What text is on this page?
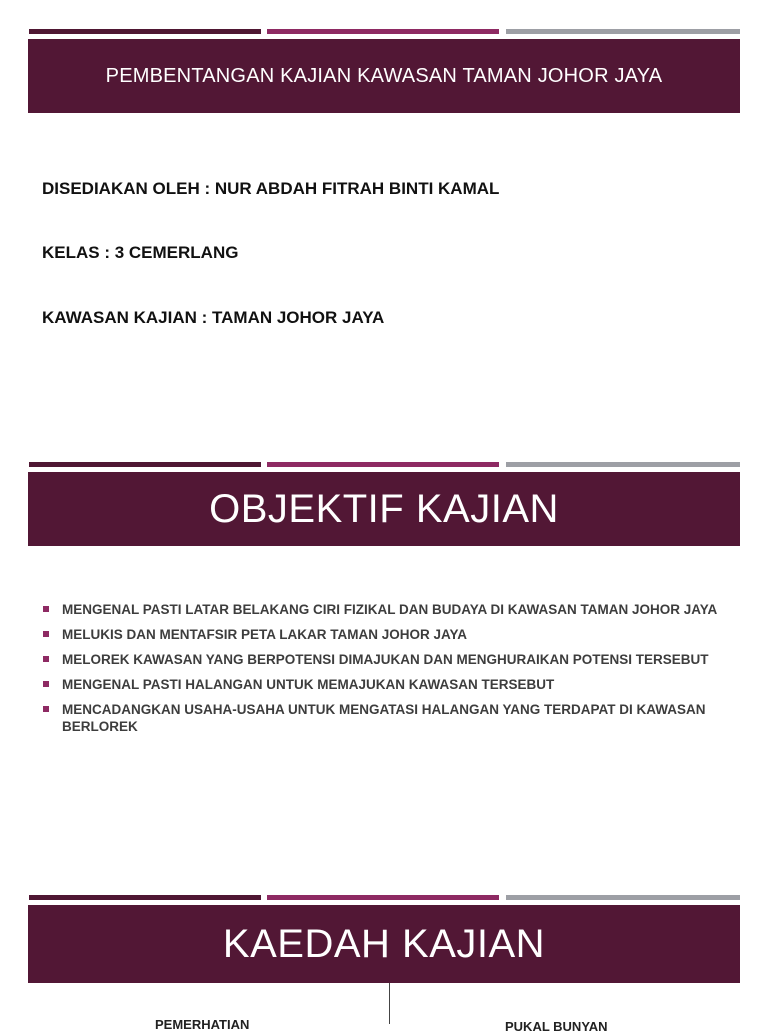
PEMBENTANGAN KAJIAN KAWASAN TAMAN JOHOR JAYA
DISEDIAKAN OLEH : NUR ABDAH FITRAH BINTI KAMAL
KELAS : 3 CEMERLANG
KAWASAN KAJIAN : TAMAN JOHOR JAYA
OBJEKTIF KAJIAN
MENGENAL PASTI LATAR BELAKANG CIRI FIZIKAL DAN BUDAYA DI KAWASAN TAMAN JOHOR JAYA
MELUKIS DAN MENTAFSIR PETA LAKAR TAMAN JOHOR JAYA
MELOREK KAWASAN YANG BERPOTENSI DIMAJUKAN DAN MENGHURAIKAN POTENSI TERSEBUT
MENGENAL PASTI HALANGAN UNTUK MEMAJUKAN KAWASAN TERSEBUT
MENCADANGKAN USAHA-USAHA UNTUK MENGATASI HALANGAN YANG TERDAPAT DI KAWASAN BERLOREK
KAEDAH KAJIAN
PEMERHATIAN	PUKAL BUNYAN
